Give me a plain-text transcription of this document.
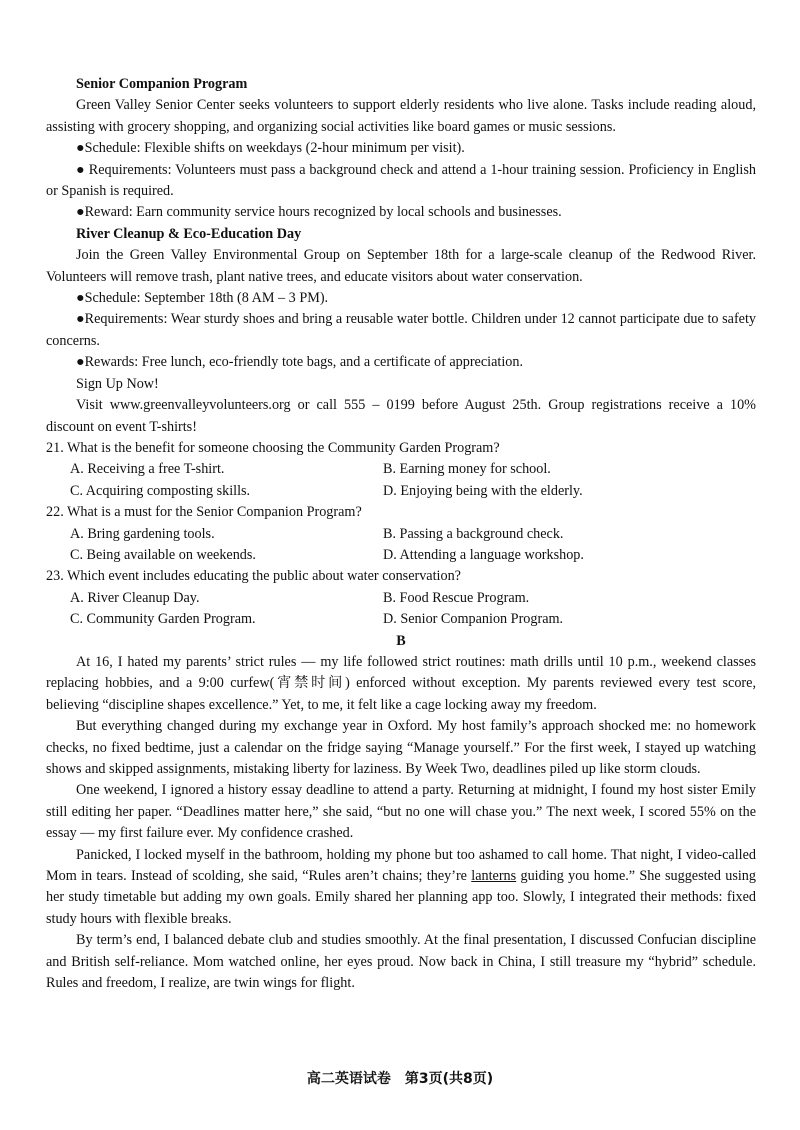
Senior Companion Program
Green Valley Senior Center seeks volunteers to support elderly residents who live alone. Tasks include reading aloud, assisting with grocery shopping, and organizing social activities like board games or music sessions.
●Schedule: Flexible shifts on weekdays (2-hour minimum per visit).
● Requirements: Volunteers must pass a background check and attend a 1-hour training session. Proficiency in English or Spanish is required.
●Reward: Earn community service hours recognized by local schools and businesses.
River Cleanup & Eco-Education Day
Join the Green Valley Environmental Group on September 18th for a large-scale cleanup of the Redwood River. Volunteers will remove trash, plant native trees, and educate visitors about water conservation.
●Schedule: September 18th (8 AM – 3 PM).
●Requirements: Wear sturdy shoes and bring a reusable water bottle. Children under 12 cannot participate due to safety concerns.
●Rewards: Free lunch, eco-friendly tote bags, and a certificate of appreciation.
Sign Up Now!
Visit www.greenvalleyvolunteers.org or call 555 – 0199 before August 25th. Group registrations receive a 10% discount on event T-shirts!
21. What is the benefit for someone choosing the Community Garden Program?
A. Receiving a free T-shirt.	B. Earning money for school.
C. Acquiring composting skills.	D. Enjoying being with the elderly.
22. What is a must for the Senior Companion Program?
A. Bring gardening tools.	B. Passing a background check.
C. Being available on weekends.	D. Attending a language workshop.
23. Which event includes educating the public about water conservation?
A. River Cleanup Day.	B. Food Rescue Program.
C. Community Garden Program.	D. Senior Companion Program.
B
At 16, I hated my parents’ strict rules — my life followed strict routines: math drills until 10 p.m., weekend classes replacing hobbies, and a 9:00 curfew(宵禁时间) enforced without exception. My parents reviewed every test score, believing “discipline shapes excellence.” Yet, to me, it felt like a cage locking away my freedom.
But everything changed during my exchange year in Oxford. My host family’s approach shocked me: no homework checks, no fixed bedtime, just a calendar on the fridge saying “Manage yourself.” For the first week, I stayed up watching shows and skipped assignments, mistaking liberty for laziness. By Week Two, deadlines piled up like storm clouds.
One weekend, I ignored a history essay deadline to attend a party. Returning at midnight, I found my host sister Emily still editing her paper. “Deadlines matter here,” she said, “but no one will chase you.” The next week, I scored 55% on the essay — my first failure ever. My confidence crashed.
Panicked, I locked myself in the bathroom, holding my phone but too ashamed to call home. That night, I video-called Mom in tears. Instead of scolding, she said, “Rules aren’t chains; they’re lanterns guiding you home.” She suggested using her study timetable but adding my own goals. Emily shared her planning app too. Slowly, I integrated their methods: fixed study hours with flexible breaks.
By term’s end, I balanced debate club and studies smoothly. At the final presentation, I discussed Confucian discipline and British self-reliance. Mom watched online, her eyes proud. Now back in China, I still treasure my “hybrid” schedule. Rules and freedom, I realize, are twin wings for flight.
高二英语试卷　第3页(共8页)
